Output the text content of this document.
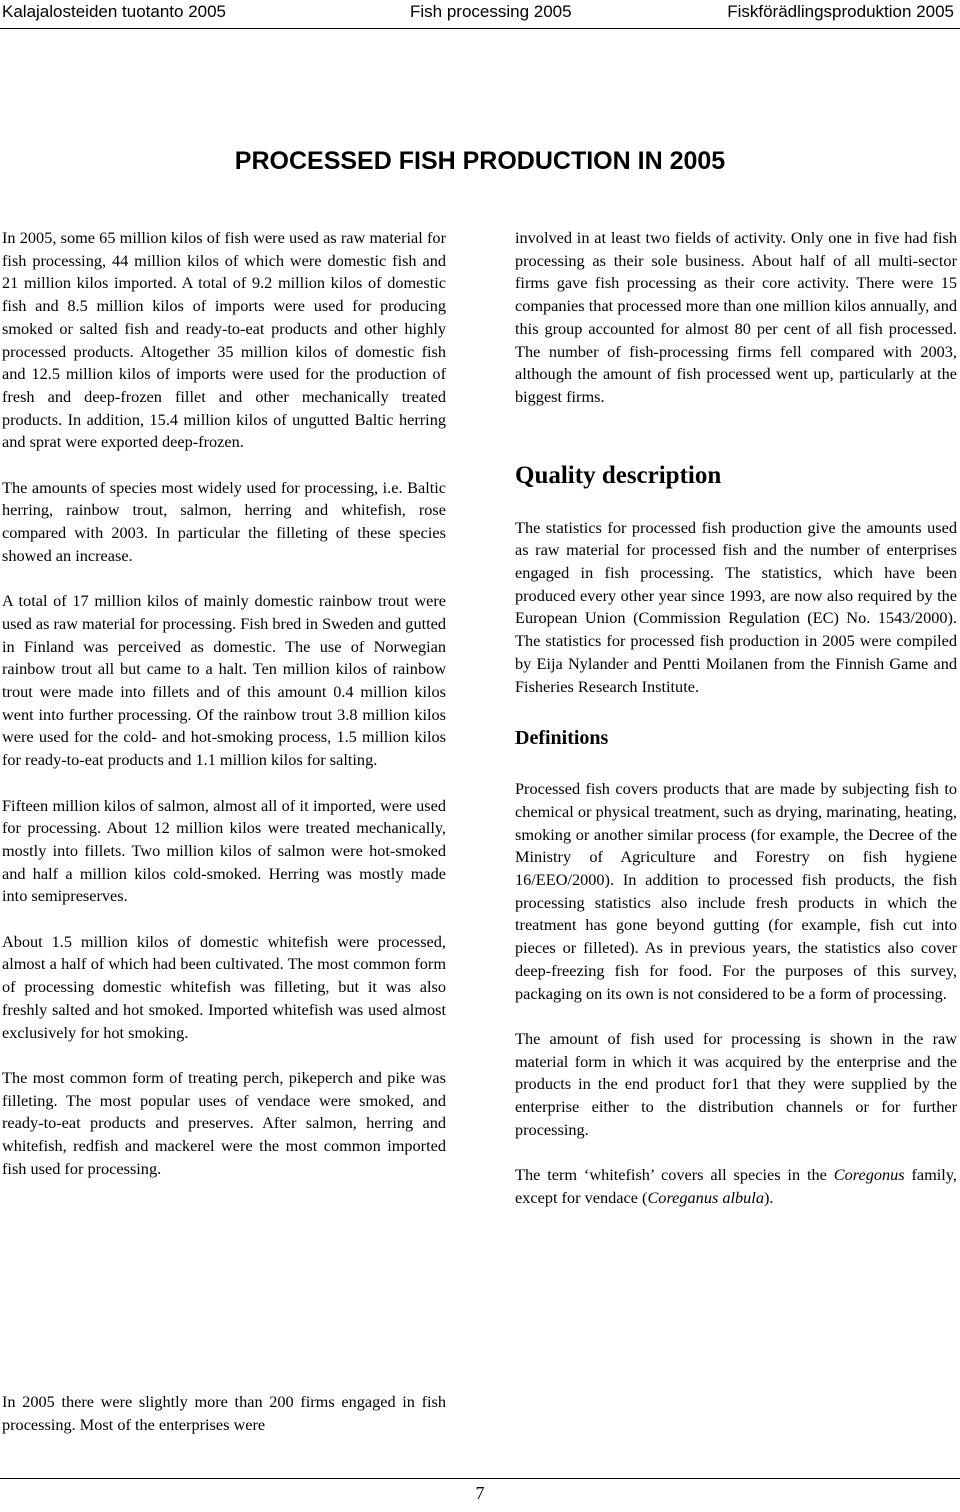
Kalajalosteiden tuotanto 2005	Fish processing 2005	Fiskförädlingsproduktion 2005
PROCESSED FISH PRODUCTION IN 2005

In 2005, some 65 million kilos of fish were used as raw material for fish processing, 44 million kilos of which were domestic fish and 21 million kilos imported. A total of 9.2 million kilos of domestic fish and 8.5 million kilos of imports were used for producing smoked or salted fish and ready-to-eat products and other highly processed products. Altogether 35 million kilos of domestic fish and 12.5 million kilos of imports were used for the production of fresh and deep-frozen fillet and other mechanically treated products. In addition, 15.4 million kilos of ungutted Baltic herring and sprat were exported deep-frozen.

The amounts of species most widely used for processing, i.e. Baltic herring, rainbow trout, salmon, herring and whitefish, rose compared with 2003. In particular the filleting of these species showed an increase.

A total of 17 million kilos of mainly domestic rainbow trout were used as raw material for processing. Fish bred in Sweden and gutted in Finland was perceived as domestic. The use of Norwegian rainbow trout all but came to a halt. Ten million kilos of rainbow trout were made into fillets and of this amount 0.4 million kilos went into further processing. Of the rainbow trout 3.8 million kilos were used for the cold- and hot-smoking process, 1.5 million kilos for ready-to-eat products and 1.1 million kilos for salting.

Fifteen million kilos of salmon, almost all of it imported, were used for processing. About 12 million kilos were treated mechanically, mostly into fillets. Two million kilos of salmon were hot-smoked and half a million kilos cold-smoked. Herring was mostly made into semipreserves.

About 1.5 million kilos of domestic whitefish were processed, almost a half of which had been cultivated. The most common form of processing domestic whitefish was filleting, but it was also freshly salted and hot smoked. Imported whitefish was used almost exclusively for hot smoking.

The most common form of treating perch, pikeperch and pike was filleting. The most popular uses of vendace were smoked, and ready-to-eat products and preserves. After salmon, herring and whitefish, redfish and mackerel were the most common imported fish used for processing.

In 2005 there were slightly more than 200 firms engaged in fish processing. Most of the enterprises were

involved in at least two fields of activity. Only one in five had fish processing as their sole business. About half of all multi-sector firms gave fish processing as their core activity. There were 15 companies that processed more than one million kilos annually, and this group accounted for almost 80 per cent of all fish processed. The number of fish-processing firms fell compared with 2003, although the amount of fish processed went up, particularly at the biggest firms.

Quality description

The statistics for processed fish production give the amounts used as raw material for processed fish and the number of enterprises engaged in fish processing. The statistics, which have been produced every other year since 1993, are now also required by the European Union (Commission Regulation (EC) No. 1543/2000). The statistics for processed fish production in 2005 were compiled by Eija Nylander and Pentti Moilanen from the Finnish Game and Fisheries Research Institute.

Definitions

Processed fish covers products that are made by subjecting fish to chemical or physical treatment, such as drying, marinating, heating, smoking or another similar process (for example, the Decree of the Ministry of Agriculture and Forestry on fish hygiene 16/EEO/2000). In addition to processed fish products, the fish processing statistics also include fresh products in which the treatment has gone beyond gutting (for example, fish cut into pieces or filleted). As in previous years, the statistics also cover deep-freezing fish for food. For the purposes of this survey, packaging on its own is not considered to be a form of processing.

The amount of fish used for processing is shown in the raw material form in which it was acquired by the enterprise and the products in the end product for1 that they were supplied by the enterprise either to the distribution channels or for further processing.

The term ‘whitefish’ covers all species in the Coregonus family, except for vendace (Coreganus albula).

7
